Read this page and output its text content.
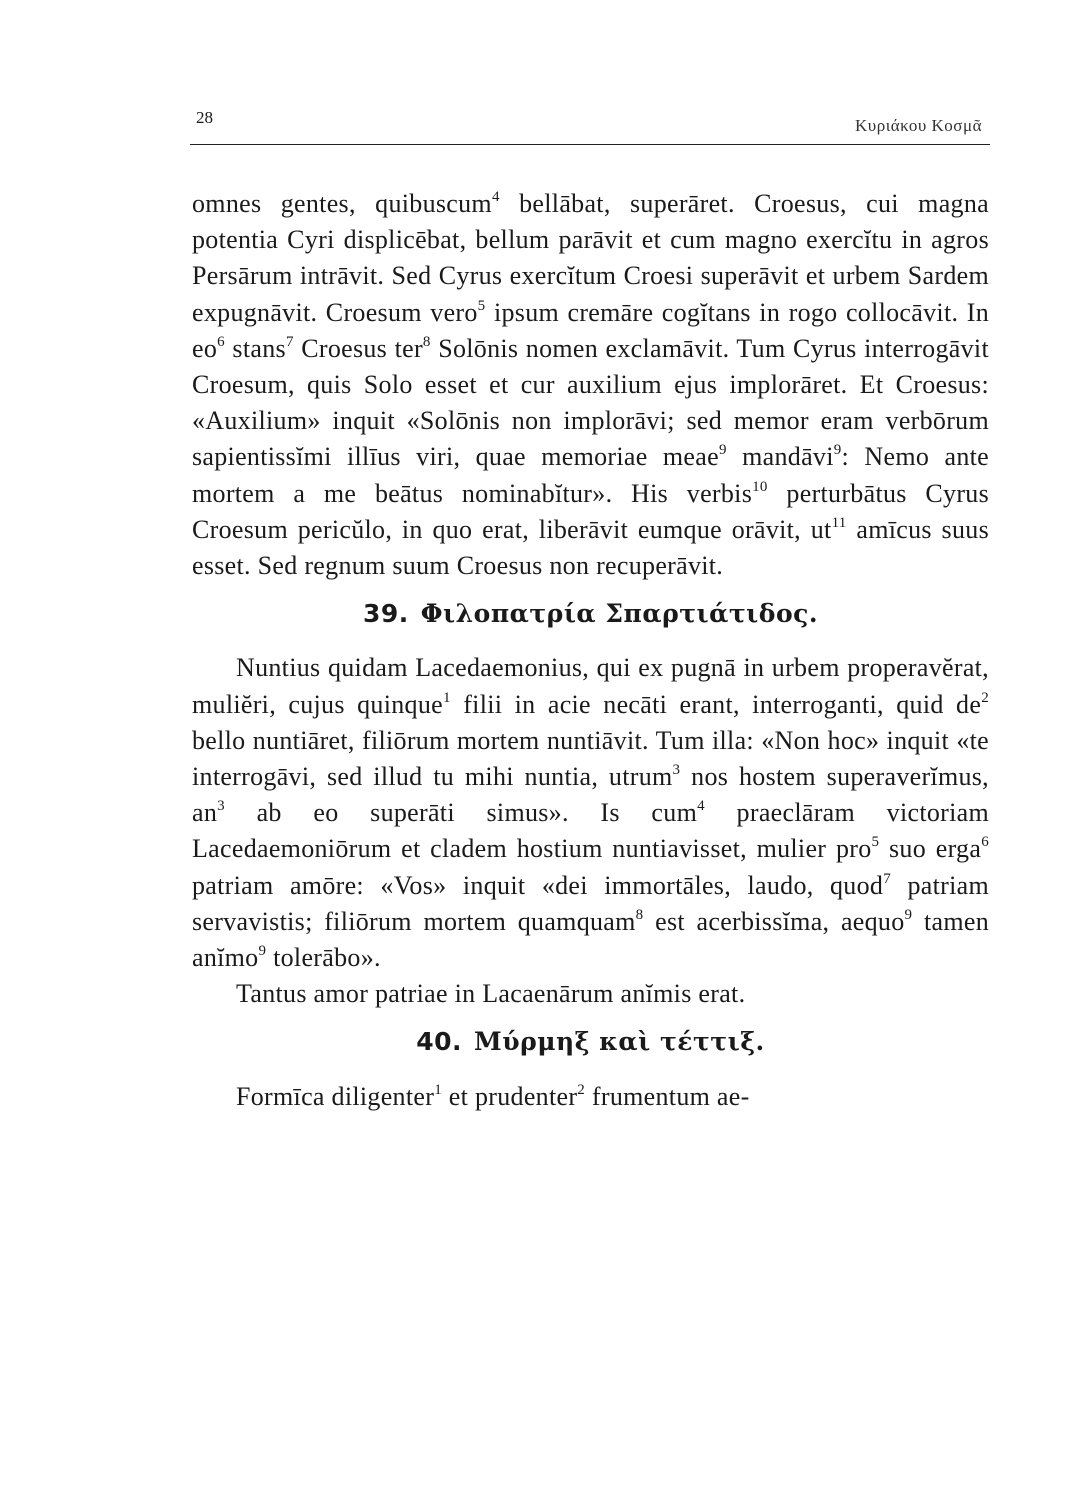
28	Κυριάκου Κοσμᾶ

omnes gentes, quibuscum$^4$ bellābat, superāret. Croesus, cui magna potentia Cyri displicēbat, bellum parāvit et cum magno exercĭtu in agros Persārum intrāvit. Sed Cyrus exercĭtum Croesi superāvit et urbem Sardem expugnāvit. Croesum vero$^5$ ipsum cremāre cogĭtans in rogo collocāvit. In $eo^6$ stans$^7$ Croesus ter$^8$ Solōnis nomen exclamāvit. Tum Cyrus interrogāvit Croesum, quis Solo esset et cur auxilium ejus implorāret. Et Croesus: «Auxilium» inquit «Solōnis non implorāvi; sed memor eram verbōrum sapientissĭmi illīus viri, quae memoriae meae$^9$ mandāvi$^9$: Nemo ante mortem a me beātus nominabĭtur». His verbis$^{10}$ perturbātus Cyrus Croesum pericŭlo, in quo erat, liberāvit eumque orāvit, $ut^{11}$ amīcus suus esset. Sed regnum suum Croesus non recuperāvit.

39. Φιλοπατρία Σπαρτιάτιδος.

Nuntius quidam Lacedaemonius, qui ex pugnā in urbem properavĕrat, muliĕri, cujus quinque$^1$ filii in acie necāti erant, interroganti, quid $de^2$ bello nuntiāret, filiōrum mortem nuntiāvit. Tum illa: «Non hoc» inquit «te interrogāvi, sed illud tu mihi nuntia, utrum$^3$ nos hostem superaverĭmus, $an^3$ ab eo superāti simus». Is cum$^4$ praeclāram victoriam Lacedaemoniōrum et cladem hostium nuntiavisset, mulier pro$^5$ suo erga$^6$ patriam amōre: «Vos» inquit «dei immortāles, laudo, quod$^7$ patriam servavistis; filiōrum mortem quamquam$^8$ est acerbissĭma, aequo$^9$ tamen anĭmo$^9$ tolerābo».

Tantus amor patriae in Lacaenārum anĭmis erat.

40. Μύρμηξ καὶ τέττιξ.

Formīca diligenter$^1$ et prudenter$^2$ frumentum ae-
